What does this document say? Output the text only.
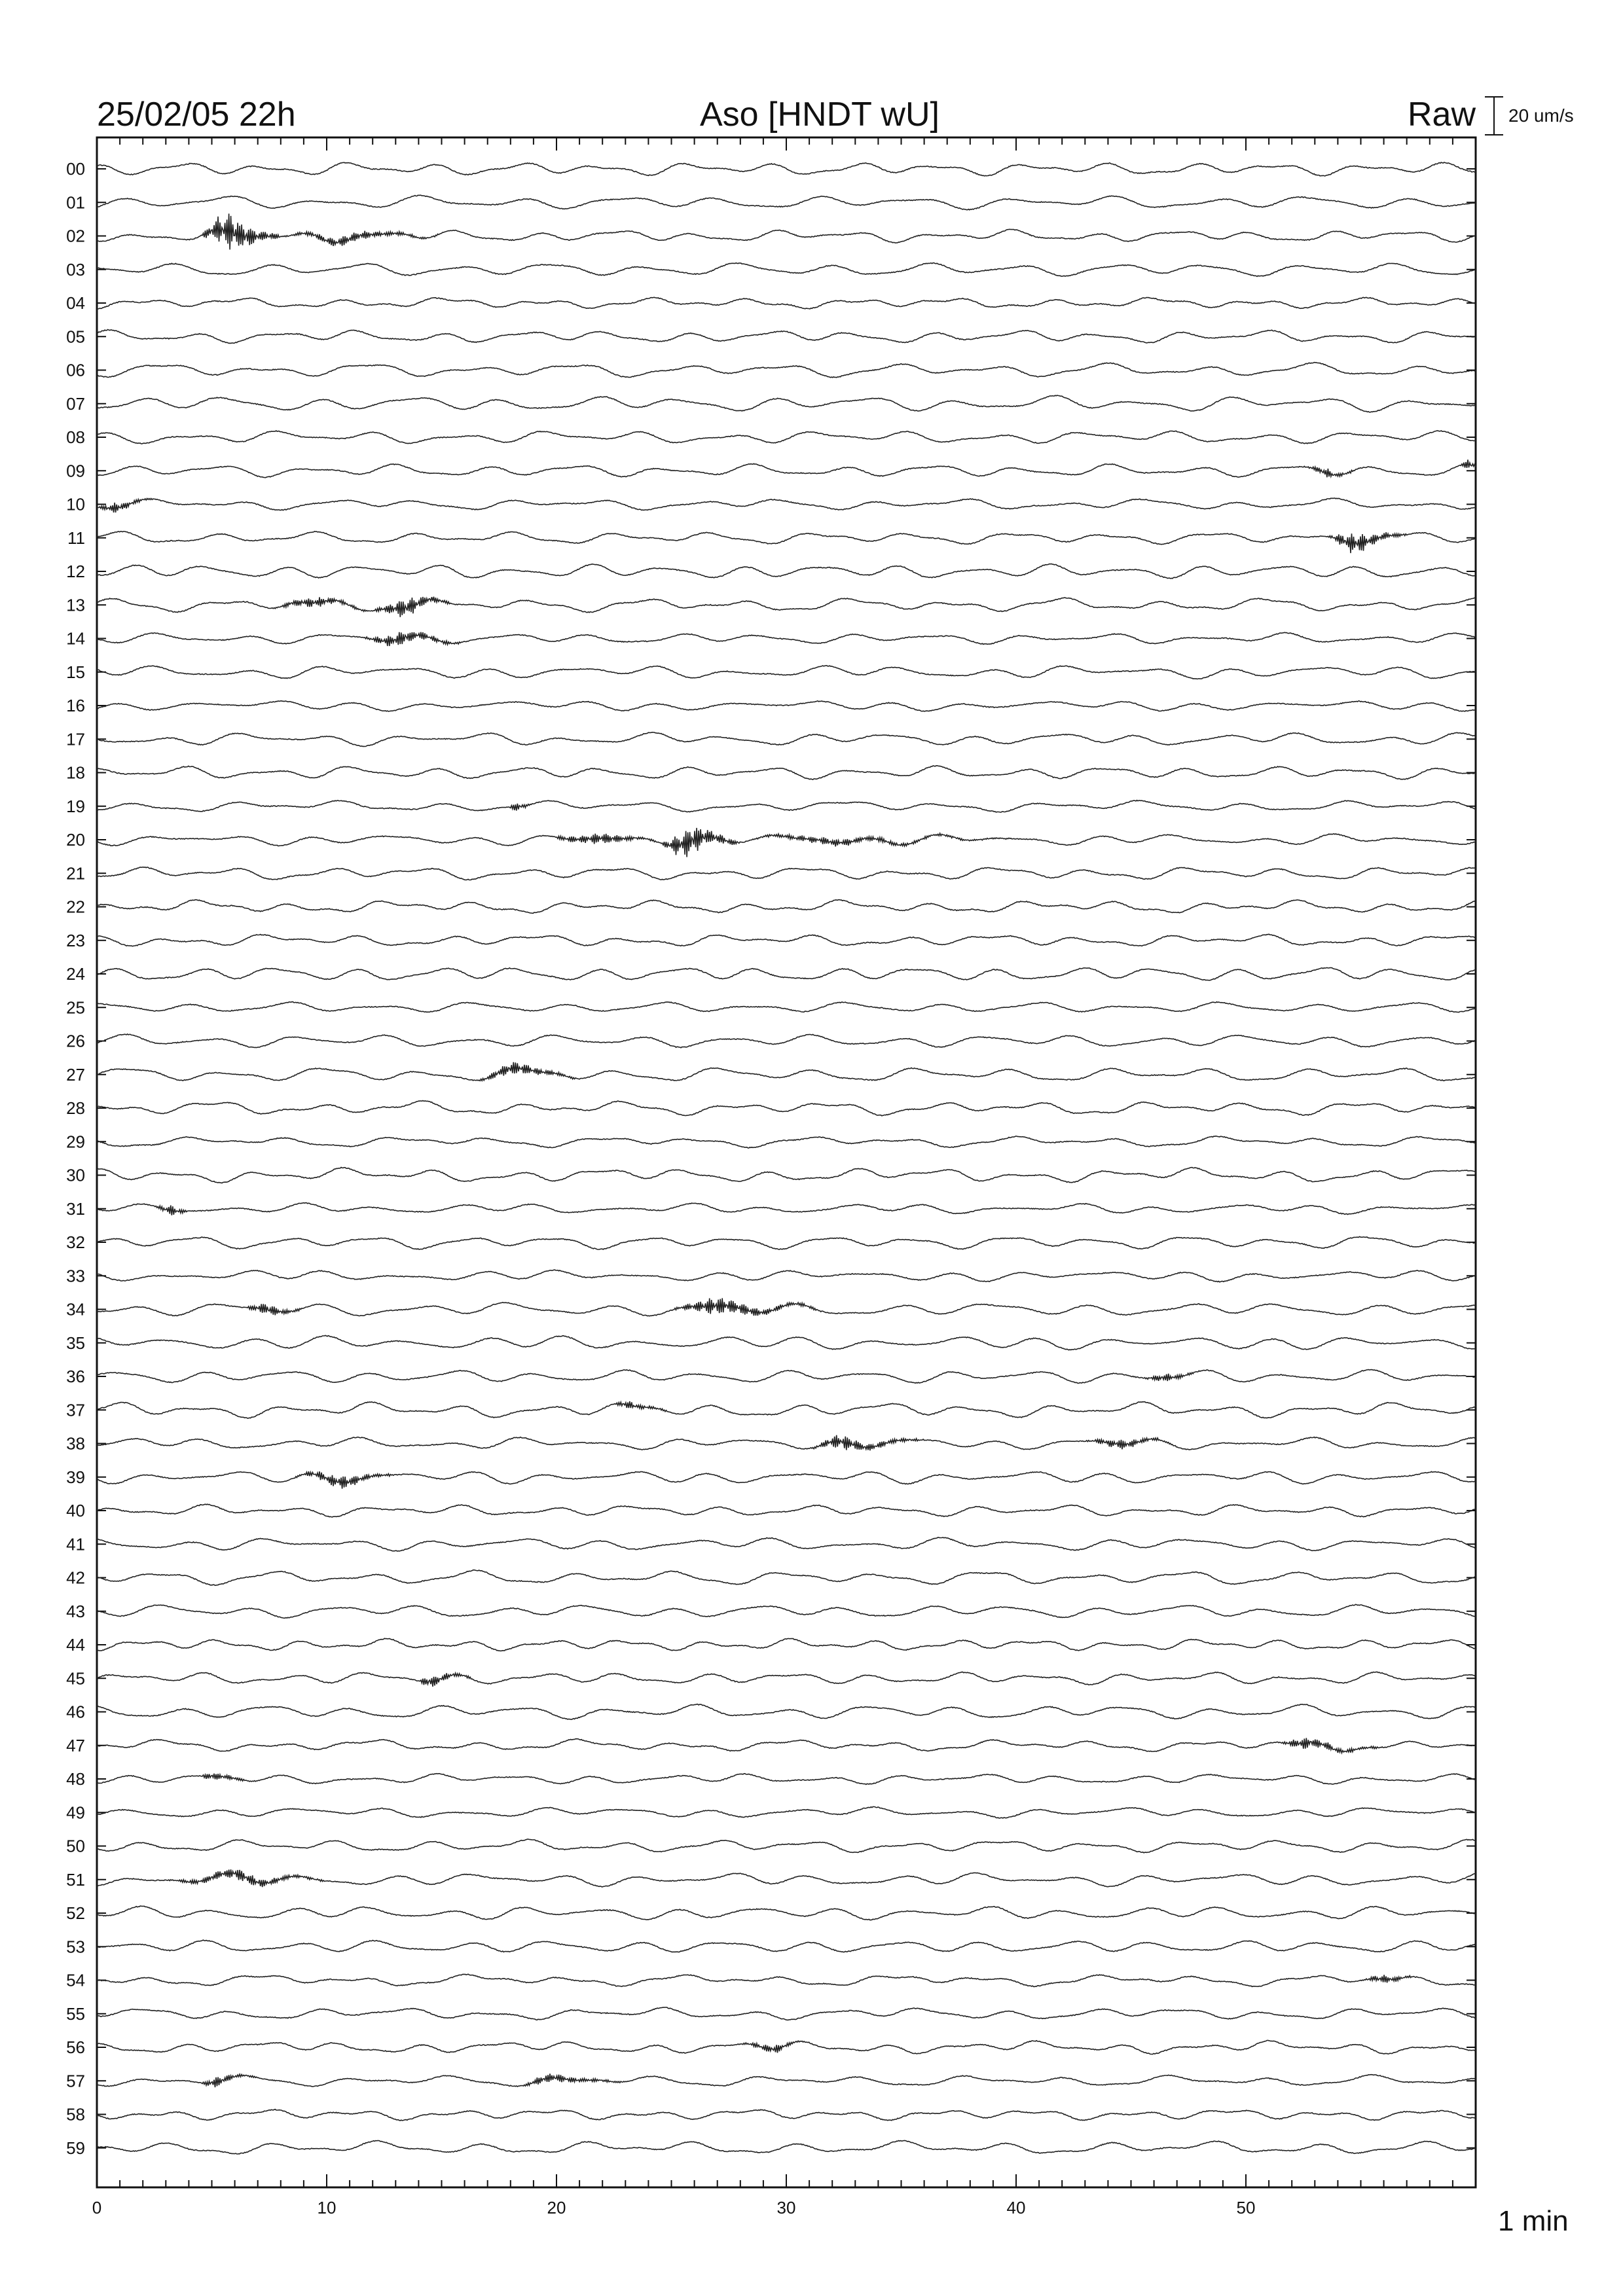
25/02/05 22h	Aso [HNDT wU]	Raw 20 um/s
00
01
02
03
04
05
06
07
08
09
10
11
12
13
14
15
16
17
18
19
20
21
22
23
24
25
26
27
28
29
30
31
32
33
34
35
36
37
38
39
40
41
42
43
44
45
46
47
48
49
50
51
52
53
54
55
56
57
58
59
0	10	20	30	40	50	1 min
